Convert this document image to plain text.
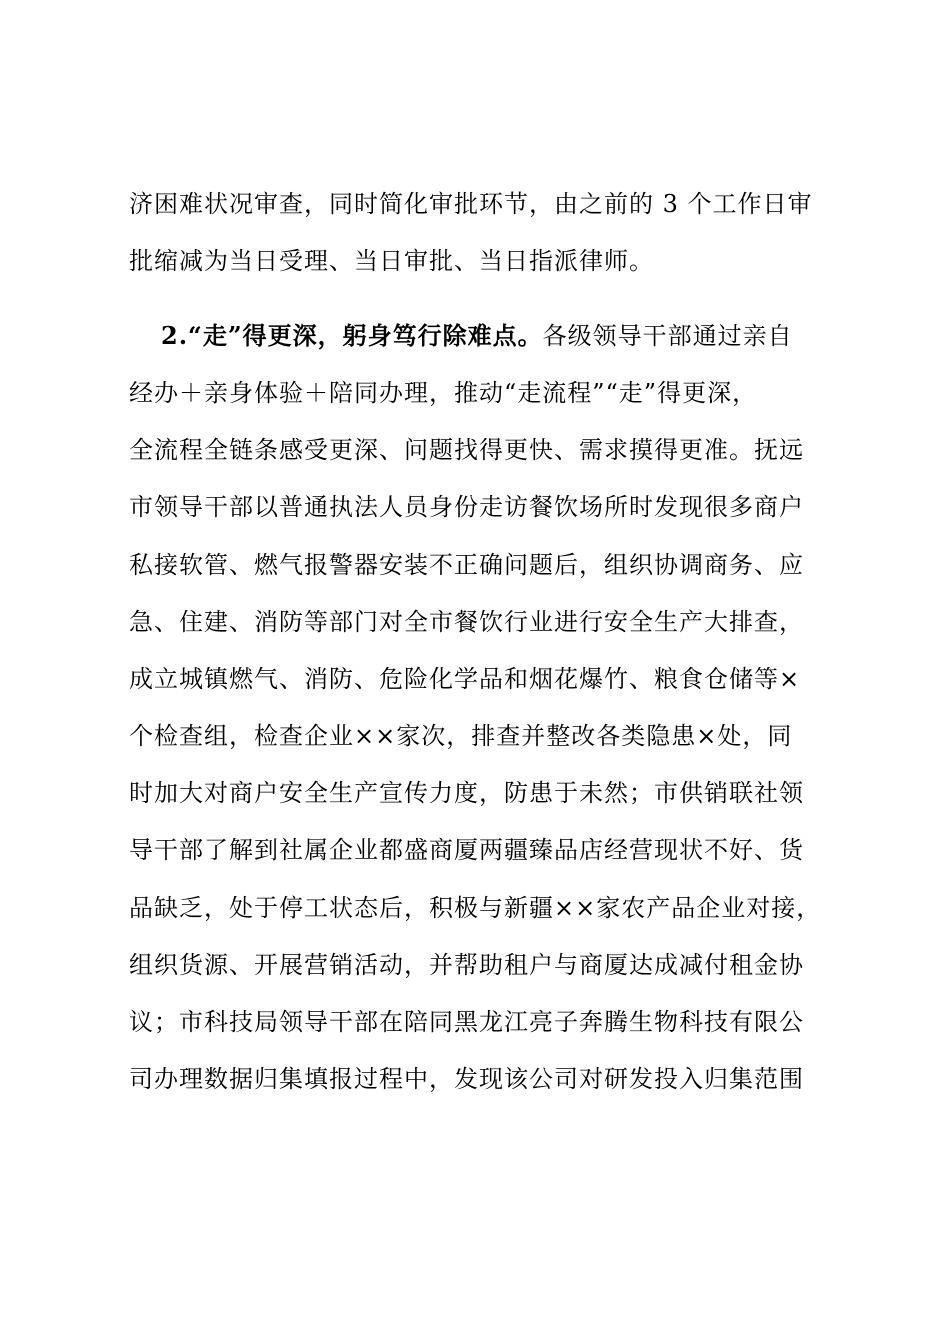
济困难状况审查，同时简化审批环节，由之前的 3 个工作日审
批缩减为当日受理、当日审批、当日指派律师。
2.“走”得更深，躬身笃行除难点。各级领导干部通过亲自
经办＋亲身体验＋陪同办理，推动“走流程”“走”得更深，
全流程全链条感受更深、问题找得更快、需求摸得更准。抚远
市领导干部以普通执法人员身份走访餐饮场所时发现很多商户
私接软管、燃气报警器安装不正确问题后，组织协调商务、应
急、住建、消防等部门对全市餐饮行业进行安全生产大排查，
成立城镇燃气、消防、危险化学品和烟花爆竹、粮食仓储等×
个检查组，检查企业××家次，排查并整改各类隐患×处，同
时加大对商户安全生产宣传力度，防患于未然；市供销联社领
导干部了解到社属企业都盛商厦两疆臻品店经营现状不好、货
品缺乏，处于停工状态后，积极与新疆××家农产品企业对接，
组织货源、开展营销活动，并帮助租户与商厦达成减付租金协
议；市科技局领导干部在陪同黑龙江亮子奔腾生物科技有限公
司办理数据归集填报过程中，发现该公司对研发投入归集范围
